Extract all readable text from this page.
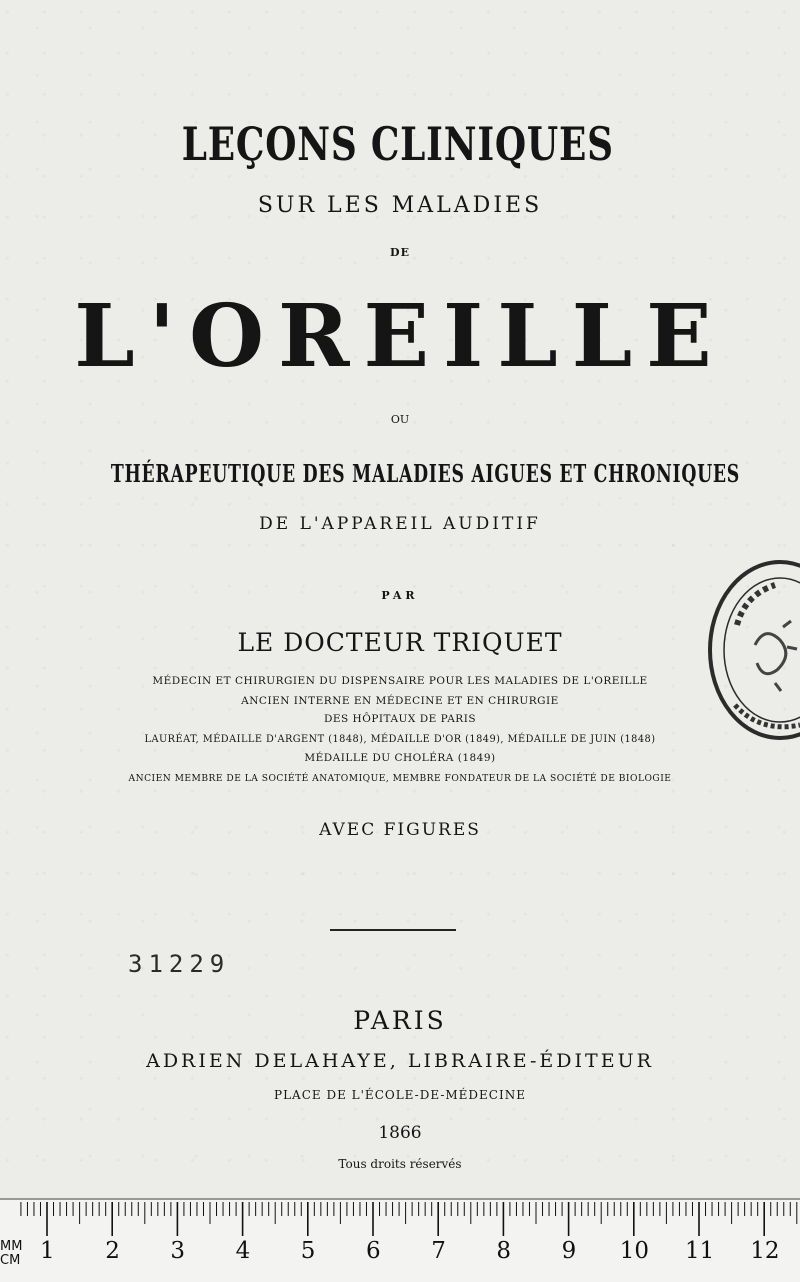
LEÇONS CLINIQUES
SUR LES MALADIES
DE
L'OREILLE
OU
THÉRAPEUTIQUE DES MALADIES AIGUES ET CHRONIQUES
DE L'APPAREIL AUDITIF
PAR
LE DOCTEUR TRIQUET
MÉDECIN ET CHIRURGIEN DU DISPENSAIRE POUR LES MALADIES DE L'OREILLE
ANCIEN INTERNE EN MÉDECINE ET EN CHIRURGIE
DES HÔPITAUX DE PARIS
LAURÉAT, MÉDAILLE D'ARGENT (1848), MÉDAILLE D'OR (1849), MÉDAILLE DE JUIN (1848)
MÉDAILLE DU CHOLÉRA (1849)
ANCIEN MEMBRE DE LA SOCIÉTÉ ANATOMIQUE, MEMBRE FONDATEUR DE LA SOCIÉTÉ DE BIOLOGIE
AVEC FIGURES
31229
PARIS
ADRIEN DELAHAYE, LIBRAIRE-ÉDITEUR
PLACE DE L'ÉCOLE-DE-MÉDECINE
1866
Tous droits réservés
MM
CM 1 2 3 4 5 6 7 8 9 10 11 12
